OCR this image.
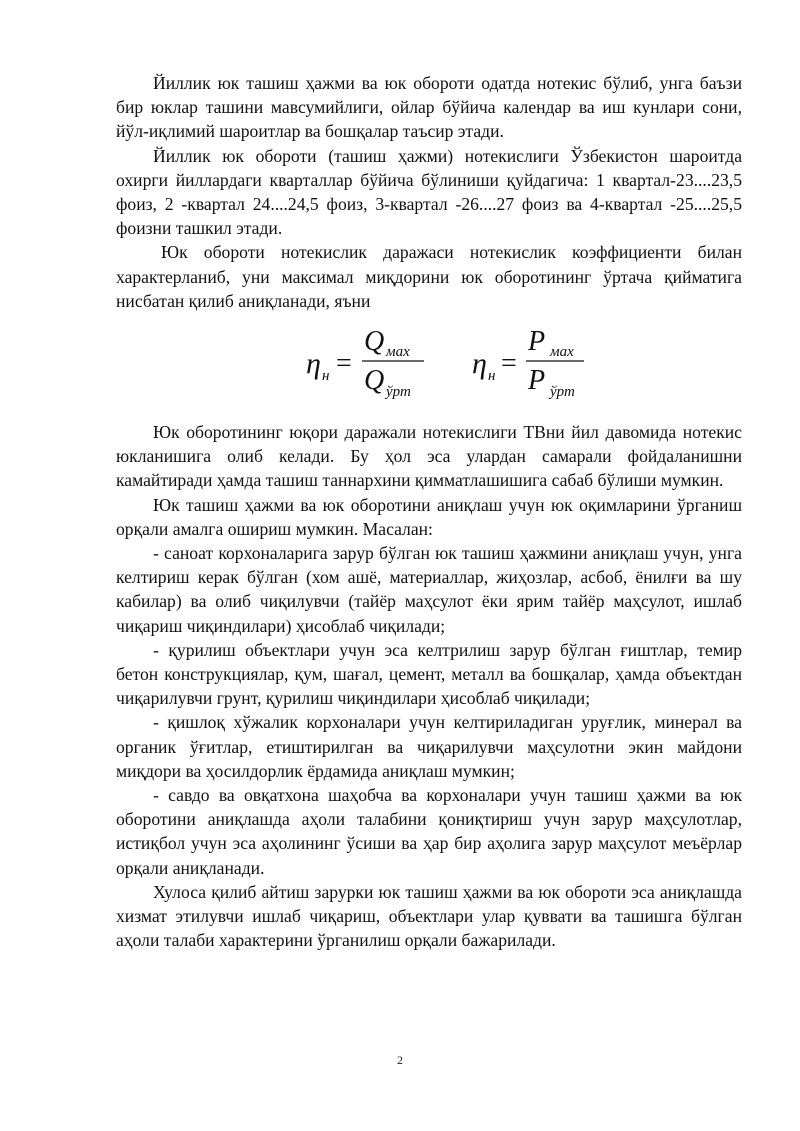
Йиллик юк ташиш ҳажми ва юк обороти одатда нотекис бўлиб, унга баъзи бир юклар ташини мавсумийлиги, ойлар бўйича календар ва иш кунлари сони, йўл-иқлимий шароитлар ва бошқалар таъсир этади.

Йиллик юк обороти (ташиш ҳажми) нотекислиги Ўзбекистон шароитда охирги йиллардаги кварталлар бўйича бўлиниши қуйдагича: 1 квартал-23....23,5 фоиз, 2 -квартал 24....24,5 фоиз, 3-квартал -26....27 фоиз ва 4-квартал -25....25,5 фоизни ташкил этади.

Юк обороти нотекислик даражаси нотекислик коэффициенти билан характерланиб, уни максимал миқдорини юк оборотининг ўртача қийматига нисбатан қилиб аниқланади, яъни

η н =
Q мах
Q ўрт
η н =
P мах
P ўрт

Юк оборотининг юқори даражали нотекислиги ТВни йил давомида нотекис юкланишига олиб келади. Бу ҳол эса улардан самарали фойдаланишни камайтиради ҳамда ташиш таннархини қимматлашишига сабаб бўлиши мумкин.

Юк ташиш ҳажми ва юк оборотини аниқлаш учун юк оқимларини ўрганиш орқали амалга ошириш мумкин. Масалан:

- саноат корхоналарига зарур бўлган юк ташиш ҳажмини аниқлаш учун, унга келтириш керак бўлган (хом ашё, материаллар, жиҳозлар, асбоб, ёнилғи ва шу кабилар) ва олиб чиқилувчи (тайёр маҳсулот ёки ярим тайёр маҳсулот, ишлаб чиқариш чиқиндилари) ҳисоблаб чиқилади;

- қурилиш объектлари учун эса келтрилиш зарур бўлган ғиштлар, темир бетон конструкциялар, қум, шағал, цемент, металл ва бошқалар, ҳамда объектдан чиқарилувчи грунт, қурилиш чиқиндилари ҳисоблаб чиқилади;

- қишлоқ хўжалик корхоналари учун келтириладиган уруғлик, минерал ва органик ўғитлар, етиштирилган ва чиқарилувчи маҳсулотни экин майдони миқдори ва ҳосилдорлик ёрдамида аниқлаш мумкин;

- савдо ва овқатхона шаҳобча ва корхоналари учун ташиш ҳажми ва юк оборотини аниқлашда аҳоли талабини қониқтириш учун зарур маҳсулотлар, истиқбол учун эса аҳолининг ўсиши ва ҳар бир аҳолига зарур маҳсулот меъёрлар орқали аниқланади.

Хулоса қилиб айтиш зарурки юк ташиш ҳажми ва юк обороти эса аниқлашда хизмат этилувчи ишлаб чиқариш, объектлари улар қуввати ва ташишга бўлган аҳоли талаби характерини ўрганилиш орқали бажарилади.

2
